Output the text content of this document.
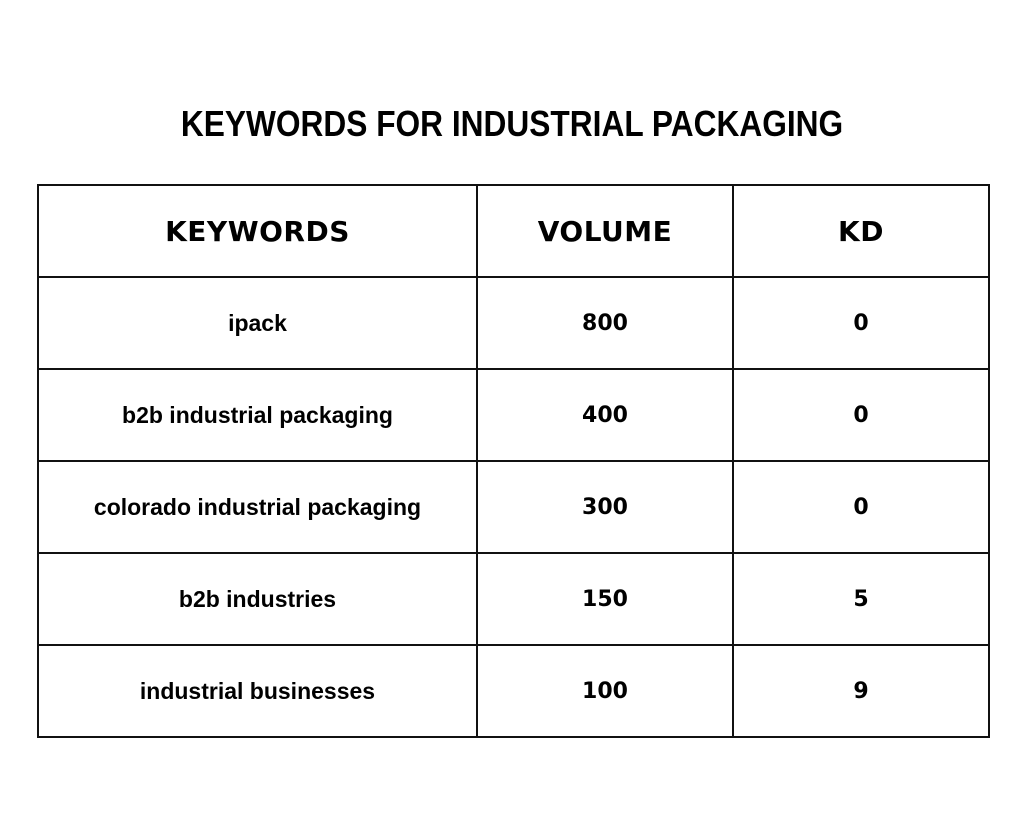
KEYWORDS FOR INDUSTRIAL PACKAGING
KEYWORDS	VOLUME	KD
ipack	800	0
b2b industrial packaging	400	0
colorado industrial packaging	300	0
b2b industries	150	5
industrial businesses	100	9
